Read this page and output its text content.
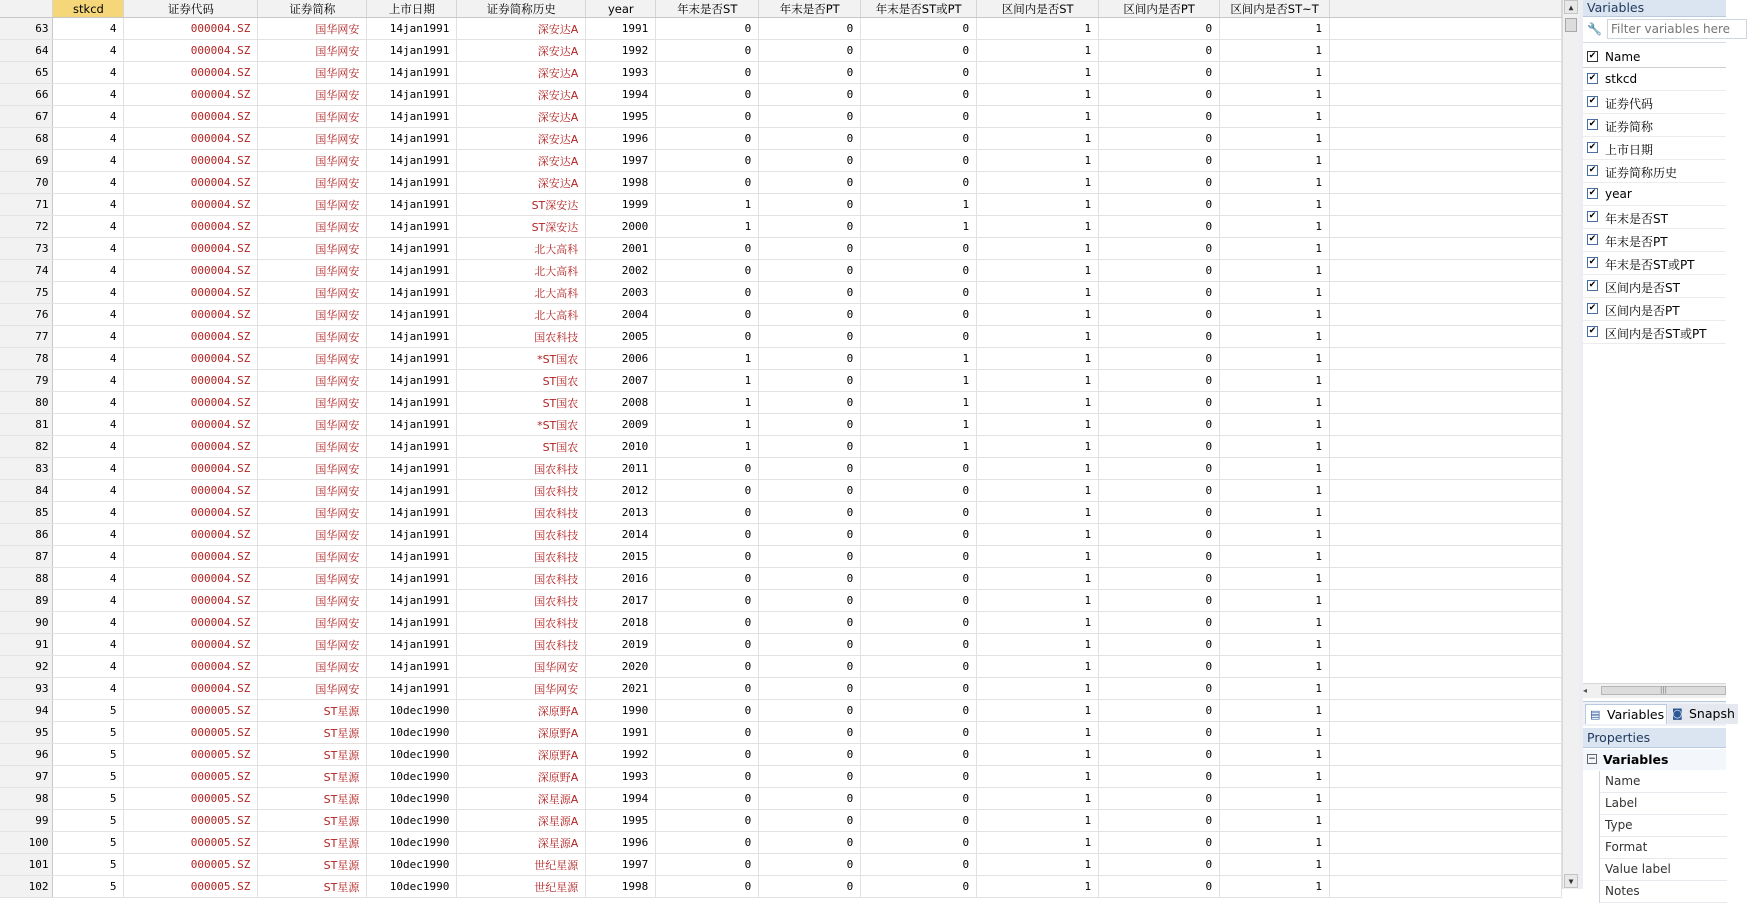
	stkcd	证券代码	证券简称	上市日期	证券简称历史	year	年末是否ST	年末是否PT	年末是否ST或PT	区间内是否ST	区间内是否PT	区间内是否ST~T	
63	4	000004.SZ	国华网安	14jan1991	深安达A	1991	0	0	0	1	0	1	
64	4	000004.SZ	国华网安	14jan1991	深安达A	1992	0	0	0	1	0	1	
65	4	000004.SZ	国华网安	14jan1991	深安达A	1993	0	0	0	1	0	1	
66	4	000004.SZ	国华网安	14jan1991	深安达A	1994	0	0	0	1	0	1	
67	4	000004.SZ	国华网安	14jan1991	深安达A	1995	0	0	0	1	0	1	
68	4	000004.SZ	国华网安	14jan1991	深安达A	1996	0	0	0	1	0	1	
69	4	000004.SZ	国华网安	14jan1991	深安达A	1997	0	0	0	1	0	1	
70	4	000004.SZ	国华网安	14jan1991	深安达A	1998	0	0	0	1	0	1	
71	4	000004.SZ	国华网安	14jan1991	ST深安达	1999	1	0	1	1	0	1	
72	4	000004.SZ	国华网安	14jan1991	ST深安达	2000	1	0	1	1	0	1	
73	4	000004.SZ	国华网安	14jan1991	北大高科	2001	0	0	0	1	0	1	
74	4	000004.SZ	国华网安	14jan1991	北大高科	2002	0	0	0	1	0	1	
75	4	000004.SZ	国华网安	14jan1991	北大高科	2003	0	0	0	1	0	1	
76	4	000004.SZ	国华网安	14jan1991	北大高科	2004	0	0	0	1	0	1	
77	4	000004.SZ	国华网安	14jan1991	国农科技	2005	0	0	0	1	0	1	
78	4	000004.SZ	国华网安	14jan1991	*ST国农	2006	1	0	1	1	0	1	
79	4	000004.SZ	国华网安	14jan1991	ST国农	2007	1	0	1	1	0	1	
80	4	000004.SZ	国华网安	14jan1991	ST国农	2008	1	0	1	1	0	1	
81	4	000004.SZ	国华网安	14jan1991	*ST国农	2009	1	0	1	1	0	1	
82	4	000004.SZ	国华网安	14jan1991	ST国农	2010	1	0	1	1	0	1	
83	4	000004.SZ	国华网安	14jan1991	国农科技	2011	0	0	0	1	0	1	
84	4	000004.SZ	国华网安	14jan1991	国农科技	2012	0	0	0	1	0	1	
85	4	000004.SZ	国华网安	14jan1991	国农科技	2013	0	0	0	1	0	1	
86	4	000004.SZ	国华网安	14jan1991	国农科技	2014	0	0	0	1	0	1	
87	4	000004.SZ	国华网安	14jan1991	国农科技	2015	0	0	0	1	0	1	
88	4	000004.SZ	国华网安	14jan1991	国农科技	2016	0	0	0	1	0	1	
89	4	000004.SZ	国华网安	14jan1991	国农科技	2017	0	0	0	1	0	1	
90	4	000004.SZ	国华网安	14jan1991	国农科技	2018	0	0	0	1	0	1	
91	4	000004.SZ	国华网安	14jan1991	国农科技	2019	0	0	0	1	0	1	
92	4	000004.SZ	国华网安	14jan1991	国华网安	2020	0	0	0	1	0	1	
93	4	000004.SZ	国华网安	14jan1991	国华网安	2021	0	0	0	1	0	1	
94	5	000005.SZ	ST星源	10dec1990	深原野A	1990	0	0	0	1	0	1	
95	5	000005.SZ	ST星源	10dec1990	深原野A	1991	0	0	0	1	0	1	
96	5	000005.SZ	ST星源	10dec1990	深原野A	1992	0	0	0	1	0	1	
97	5	000005.SZ	ST星源	10dec1990	深原野A	1993	0	0	0	1	0	1	
98	5	000005.SZ	ST星源	10dec1990	深星源A	1994	0	0	0	1	0	1	
99	5	000005.SZ	ST星源	10dec1990	深星源A	1995	0	0	0	1	0	1	
100	5	000005.SZ	ST星源	10dec1990	深星源A	1996	0	0	0	1	0	1	
101	5	000005.SZ	ST星源	10dec1990	世纪星源	1997	0	0	0	1	0	1	
102	5	000005.SZ	ST星源	10dec1990	世纪星源	1998	0	0	0	1	0	1	
▲
▼
Variables
🔧
Filter variables here
✔ Name
✔ stkcd
✔ 证券代码
✔ 证券简称
✔ 上市日期
✔ 证券简称历史
✔ year
✔ 年末是否ST
✔ 年末是否PT
✔ 年末是否ST或PT
✔ 区间内是否ST
✔ 区间内是否PT
✔ 区间内是否ST或PT
◂	|||
▤ Variables ◙ Snapsh
Properties
− Variables
Name
Label
Type
Format
Value label
Notes
